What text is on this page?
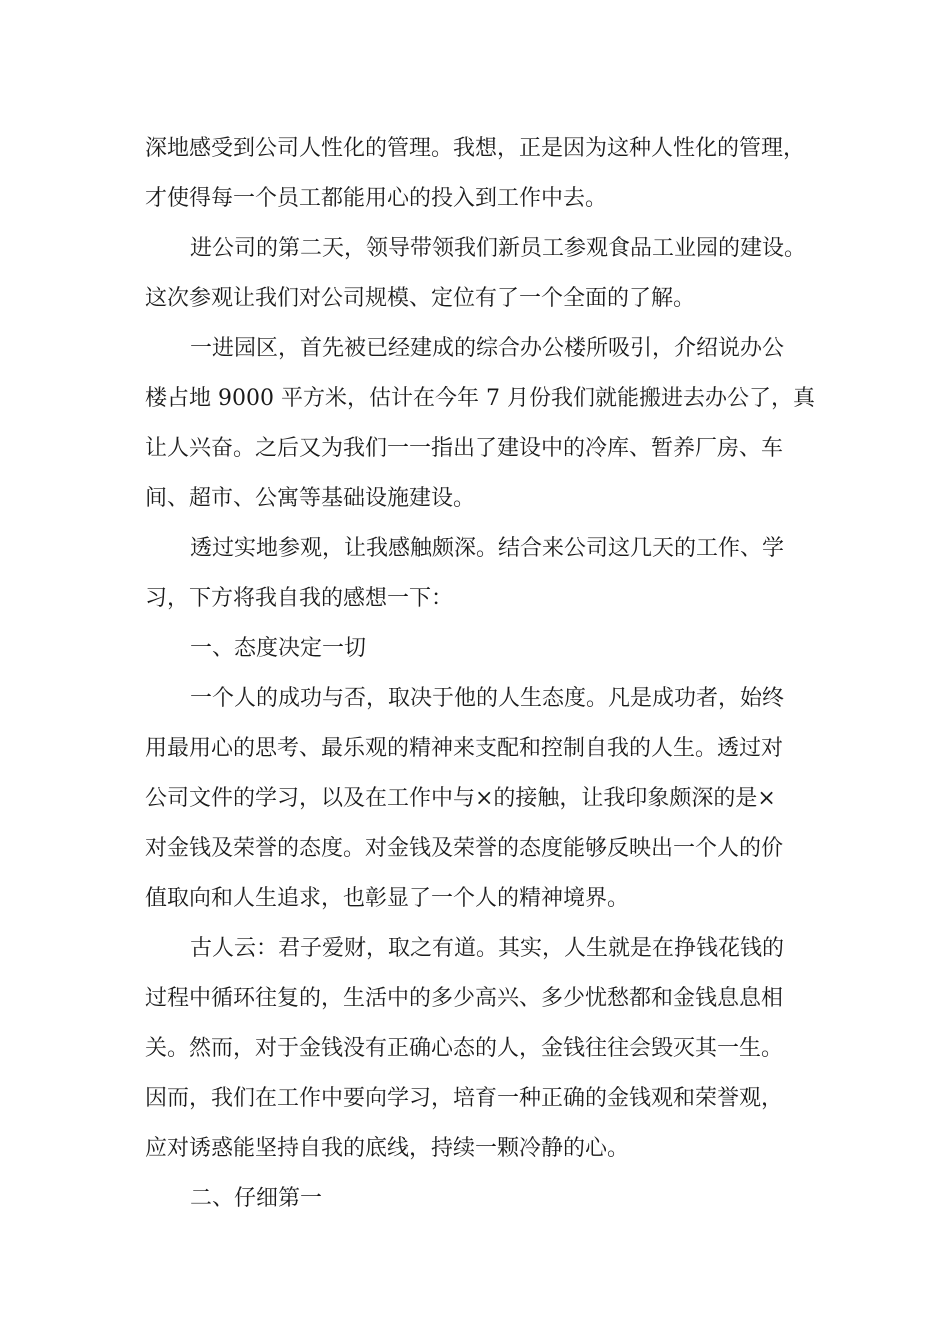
深地感受到公司人性化的管理。我想，正是因为这种人性化的管理，
才使得每一个员工都能用心的投入到工作中去。
进公司的第二天，领导带领我们新员工参观食品工业园的建设。
这次参观让我们对公司规模、定位有了一个全面的了解。
一进园区，首先被已经建成的综合办公楼所吸引，介绍说办公
楼占地 9000 平方米，估计在今年 7 月份我们就能搬进去办公了，真
让人兴奋。之后又为我们一一指出了建设中的冷库、暂养厂房、车
间、超市、公寓等基础设施建设。
透过实地参观，让我感触颇深。结合来公司这几天的工作、学
习，下方将我自我的感想一下：
一、态度决定一切
一个人的成功与否，取决于他的人生态度。凡是成功者，始终
用最用心的思考、最乐观的精神来支配和控制自我的人生。透过对
公司文件的学习，以及在工作中与×的接触，让我印象颇深的是×
对金钱及荣誉的态度。对金钱及荣誉的态度能够反映出一个人的价
值取向和人生追求，也彰显了一个人的精神境界。
古人云：君子爱财，取之有道。其实，人生就是在挣钱花钱的
过程中循环往复的，生活中的多少高兴、多少忧愁都和金钱息息相
关。然而，对于金钱没有正确心态的人，金钱往往会毁灭其一生。
因而，我们在工作中要向学习，培育一种正确的金钱观和荣誉观，
应对诱惑能坚持自我的底线，持续一颗冷静的心。
二、仔细第一
